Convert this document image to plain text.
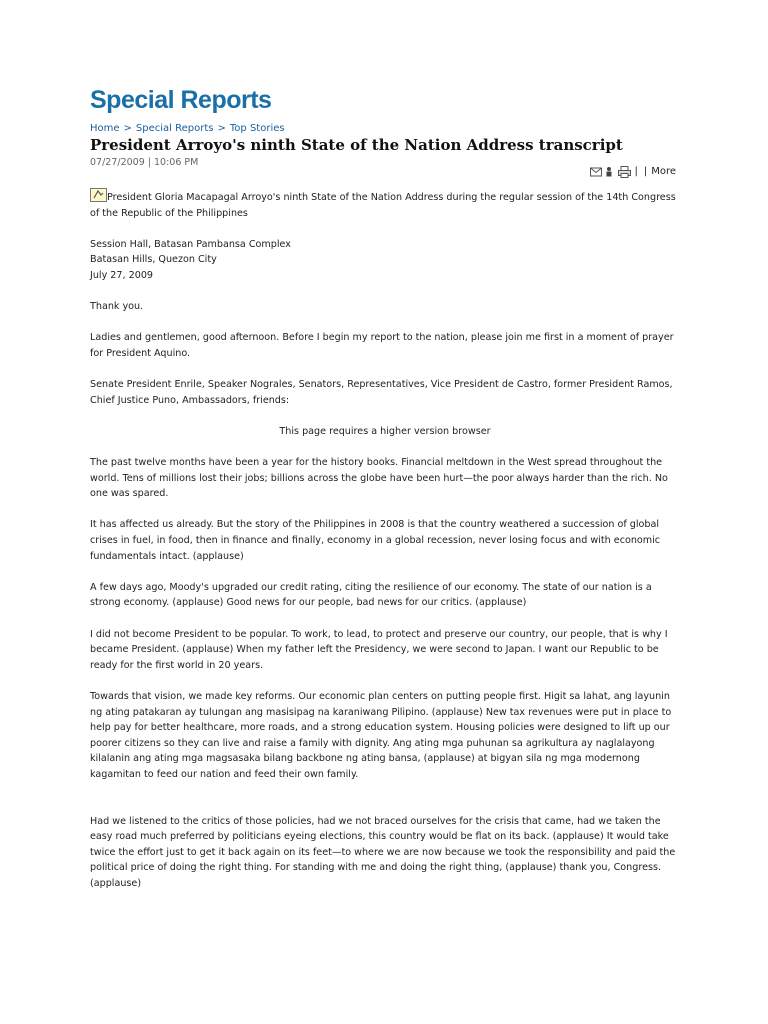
Special Reports
Home > Special Reports > Top Stories
President Arroyo's ninth State of the Nation Address transcript
07/27/2009 | 10:06 PM
| | More

President Gloria Macapagal Arroyo's ninth State of the Nation Address during the regular session of the 14th Congress of the Republic of the Philippines

Session Hall, Batasan Pambansa Complex
Batasan Hills, Quezon City
July 27, 2009

Thank you.

Ladies and gentlemen, good afternoon. Before I begin my report to the nation, please join me first in a moment of prayer for President Aquino.

Senate President Enrile, Speaker Nograles, Senators, Representatives, Vice President de Castro, former President Ramos, Chief Justice Puno, Ambassadors, friends:

This page requires a higher version browser

The past twelve months have been a year for the history books. Financial meltdown in the West spread throughout the world. Tens of millions lost their jobs; billions across the globe have been hurt—the poor always harder than the rich. No one was spared.

It has affected us already. But the story of the Philippines in 2008 is that the country weathered a succession of global crises in fuel, in food, then in finance and finally, economy in a global recession, never losing focus and with economic fundamentals intact. (applause)

A few days ago, Moody's upgraded our credit rating, citing the resilience of our economy. The state of our nation is a strong economy. (applause) Good news for our people, bad news for our critics. (applause)

I did not become President to be popular. To work, to lead, to protect and preserve our country, our people, that is why I became President. (applause) When my father left the Presidency, we were second to Japan. I want our Republic to be ready for the first world in 20 years.

Towards that vision, we made key reforms. Our economic plan centers on putting people first. Higit sa lahat, ang layunin ng ating patakaran ay tulungan ang masisipag na karaniwang Pilipino. (applause) New tax revenues were put in place to help pay for better healthcare, more roads, and a strong education system. Housing policies were designed to lift up our poorer citizens so they can live and raise a family with dignity. Ang ating mga puhunan sa agrikultura ay naglalayong kilalanin ang ating mga magsasaka bilang backbone ng ating bansa, (applause) at bigyan sila ng mga modernong kagamitan to feed our nation and feed their own family.

Had we listened to the critics of those policies, had we not braced ourselves for the crisis that came, had we taken the easy road much preferred by politicians eyeing elections, this country would be flat on its back. (applause) It would take twice the effort just to get it back again on its feet—to where we are now because we took the responsibility and paid the political price of doing the right thing. For standing with me and doing the right thing, (applause) thank you, Congress. (applause)
